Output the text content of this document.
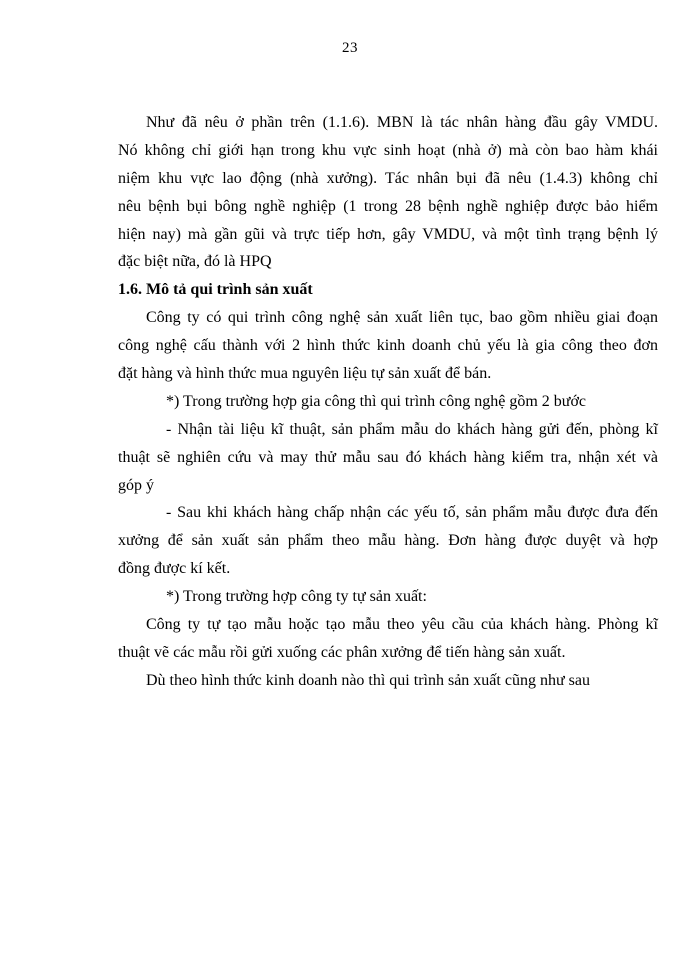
23
Như đã nêu ở phần trên (1.1.6). MBN là tác nhân hàng đầu gây VMDU.
Nó không chỉ giới hạn trong khu vực sinh hoạt (nhà ở) mà còn bao hàm khái
niệm khu vực lao động (nhà xưởng). Tác nhân bụi đã nêu (1.4.3) không chỉ
nêu bệnh bụi bông nghề nghiệp (1 trong 28 bệnh nghề nghiệp được bảo hiểm
hiện nay) mà gần gũi và trực tiếp hơn, gây VMDU, và một tình trạng bệnh lý
đặc biệt nữa, đó là HPQ
1.6. Mô tả qui trình sản xuất
Công ty có qui trình công nghệ sản xuất liên tục, bao gồm nhiều giai đoạn
công nghệ cấu thành với 2 hình thức kinh doanh chủ yếu là gia công theo đơn
đặt hàng và hình thức mua nguyên liệu tự sản xuất để bán.
*) Trong trường hợp gia công thì qui trình công nghệ gồm 2 bước
- Nhận tài liệu kĩ thuật, sản phẩm mẫu do khách hàng gửi đến, phòng kĩ
thuật sẽ nghiên cứu và may thử mẫu sau đó khách hàng kiểm tra, nhận xét và
góp ý
- Sau khi khách hàng chấp nhận các yếu tố, sản phẩm mẫu được đưa đến
xưởng để sản xuất sản phẩm theo mẫu hàng. Đơn hàng được duyệt và hợp
đồng được kí kết.
*) Trong trường hợp công ty tự sản xuất:
Công ty tự tạo mẫu hoặc tạo mẫu theo yêu cầu của khách hàng. Phòng kĩ
thuật vẽ các mẫu rồi gửi xuống các phân xưởng để tiến hàng sản xuất.
Dù theo hình thức kinh doanh nào thì qui trình sản xuất cũng như sau
